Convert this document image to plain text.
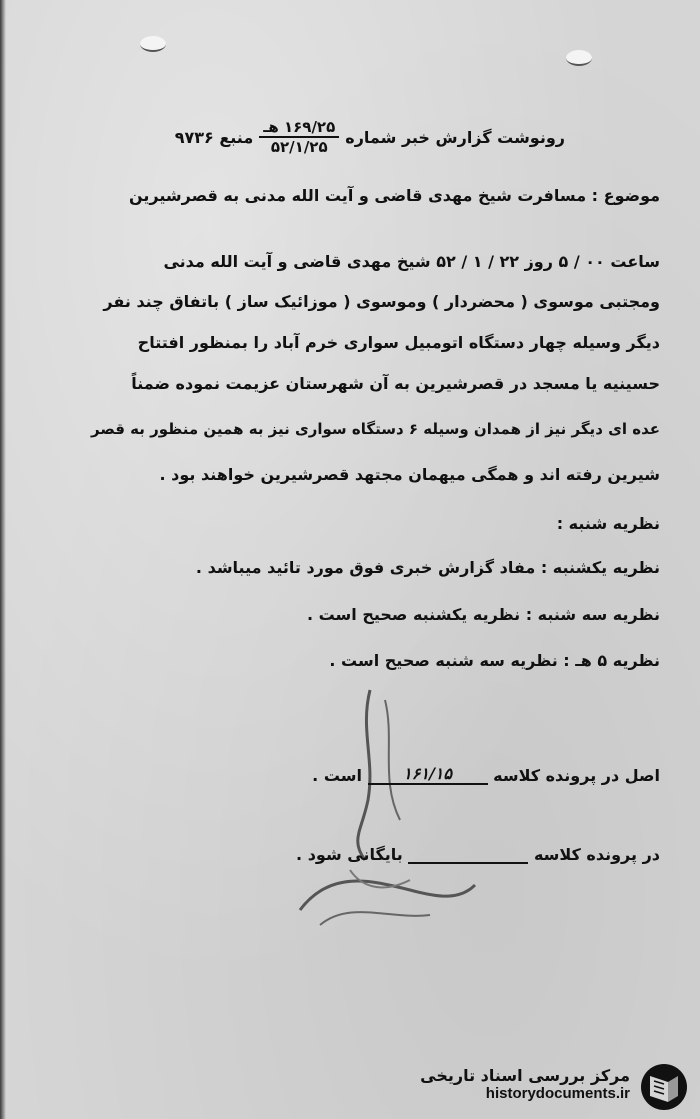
رونوشت گزارش خبر شماره
$\frac{\text{۱۶۹/۲۵ هـ}}{۵۲/۱/۲۵}$
منبع ۹۷۳۶
موضوع : مسافرت شیخ مهدی قاضی و آیت الله مدنی به قصرشیرین
ساعت ۰۰ / ۵ روز ۲۲ / ۱ / ۵۲ شیخ مهدی قاضی و آیت الله مدنی
ومجتبی موسوی ( محضردار ) وموسوی ( موزائیک ساز ) باتفاق چند نفر
دیگر وسیله چهار دستگاه اتومبیل سواری خرم آباد را بمنظور افتتاح
حسینیه یا مسجد در قصرشیرین به آن شهرستان عزیمت نموده ضمناً
عده ای دیگر نیز از همدان وسیله ۶ دستگاه سواری نیز به همین منظور به قصر
شیرین رفته اند و همگی میهمان مجتهد قصرشیرین خواهند بود .
نظریه شنبه :
نظریه یکشنبه : مفاد گزارش خبری فوق مورد تائید میباشد .
نظریه سه شنبه : نظریه یکشنبه صحیح است .
نظریه ۵ هـ : نظریه سه شنبه صحیح است .
اصل در پرونده کلاسه ۱۶۱/۱۵ است .
در پرونده کلاسه  بایگانی شود .
مرکز بررسی اسناد تاریخی
historydocuments.ir
